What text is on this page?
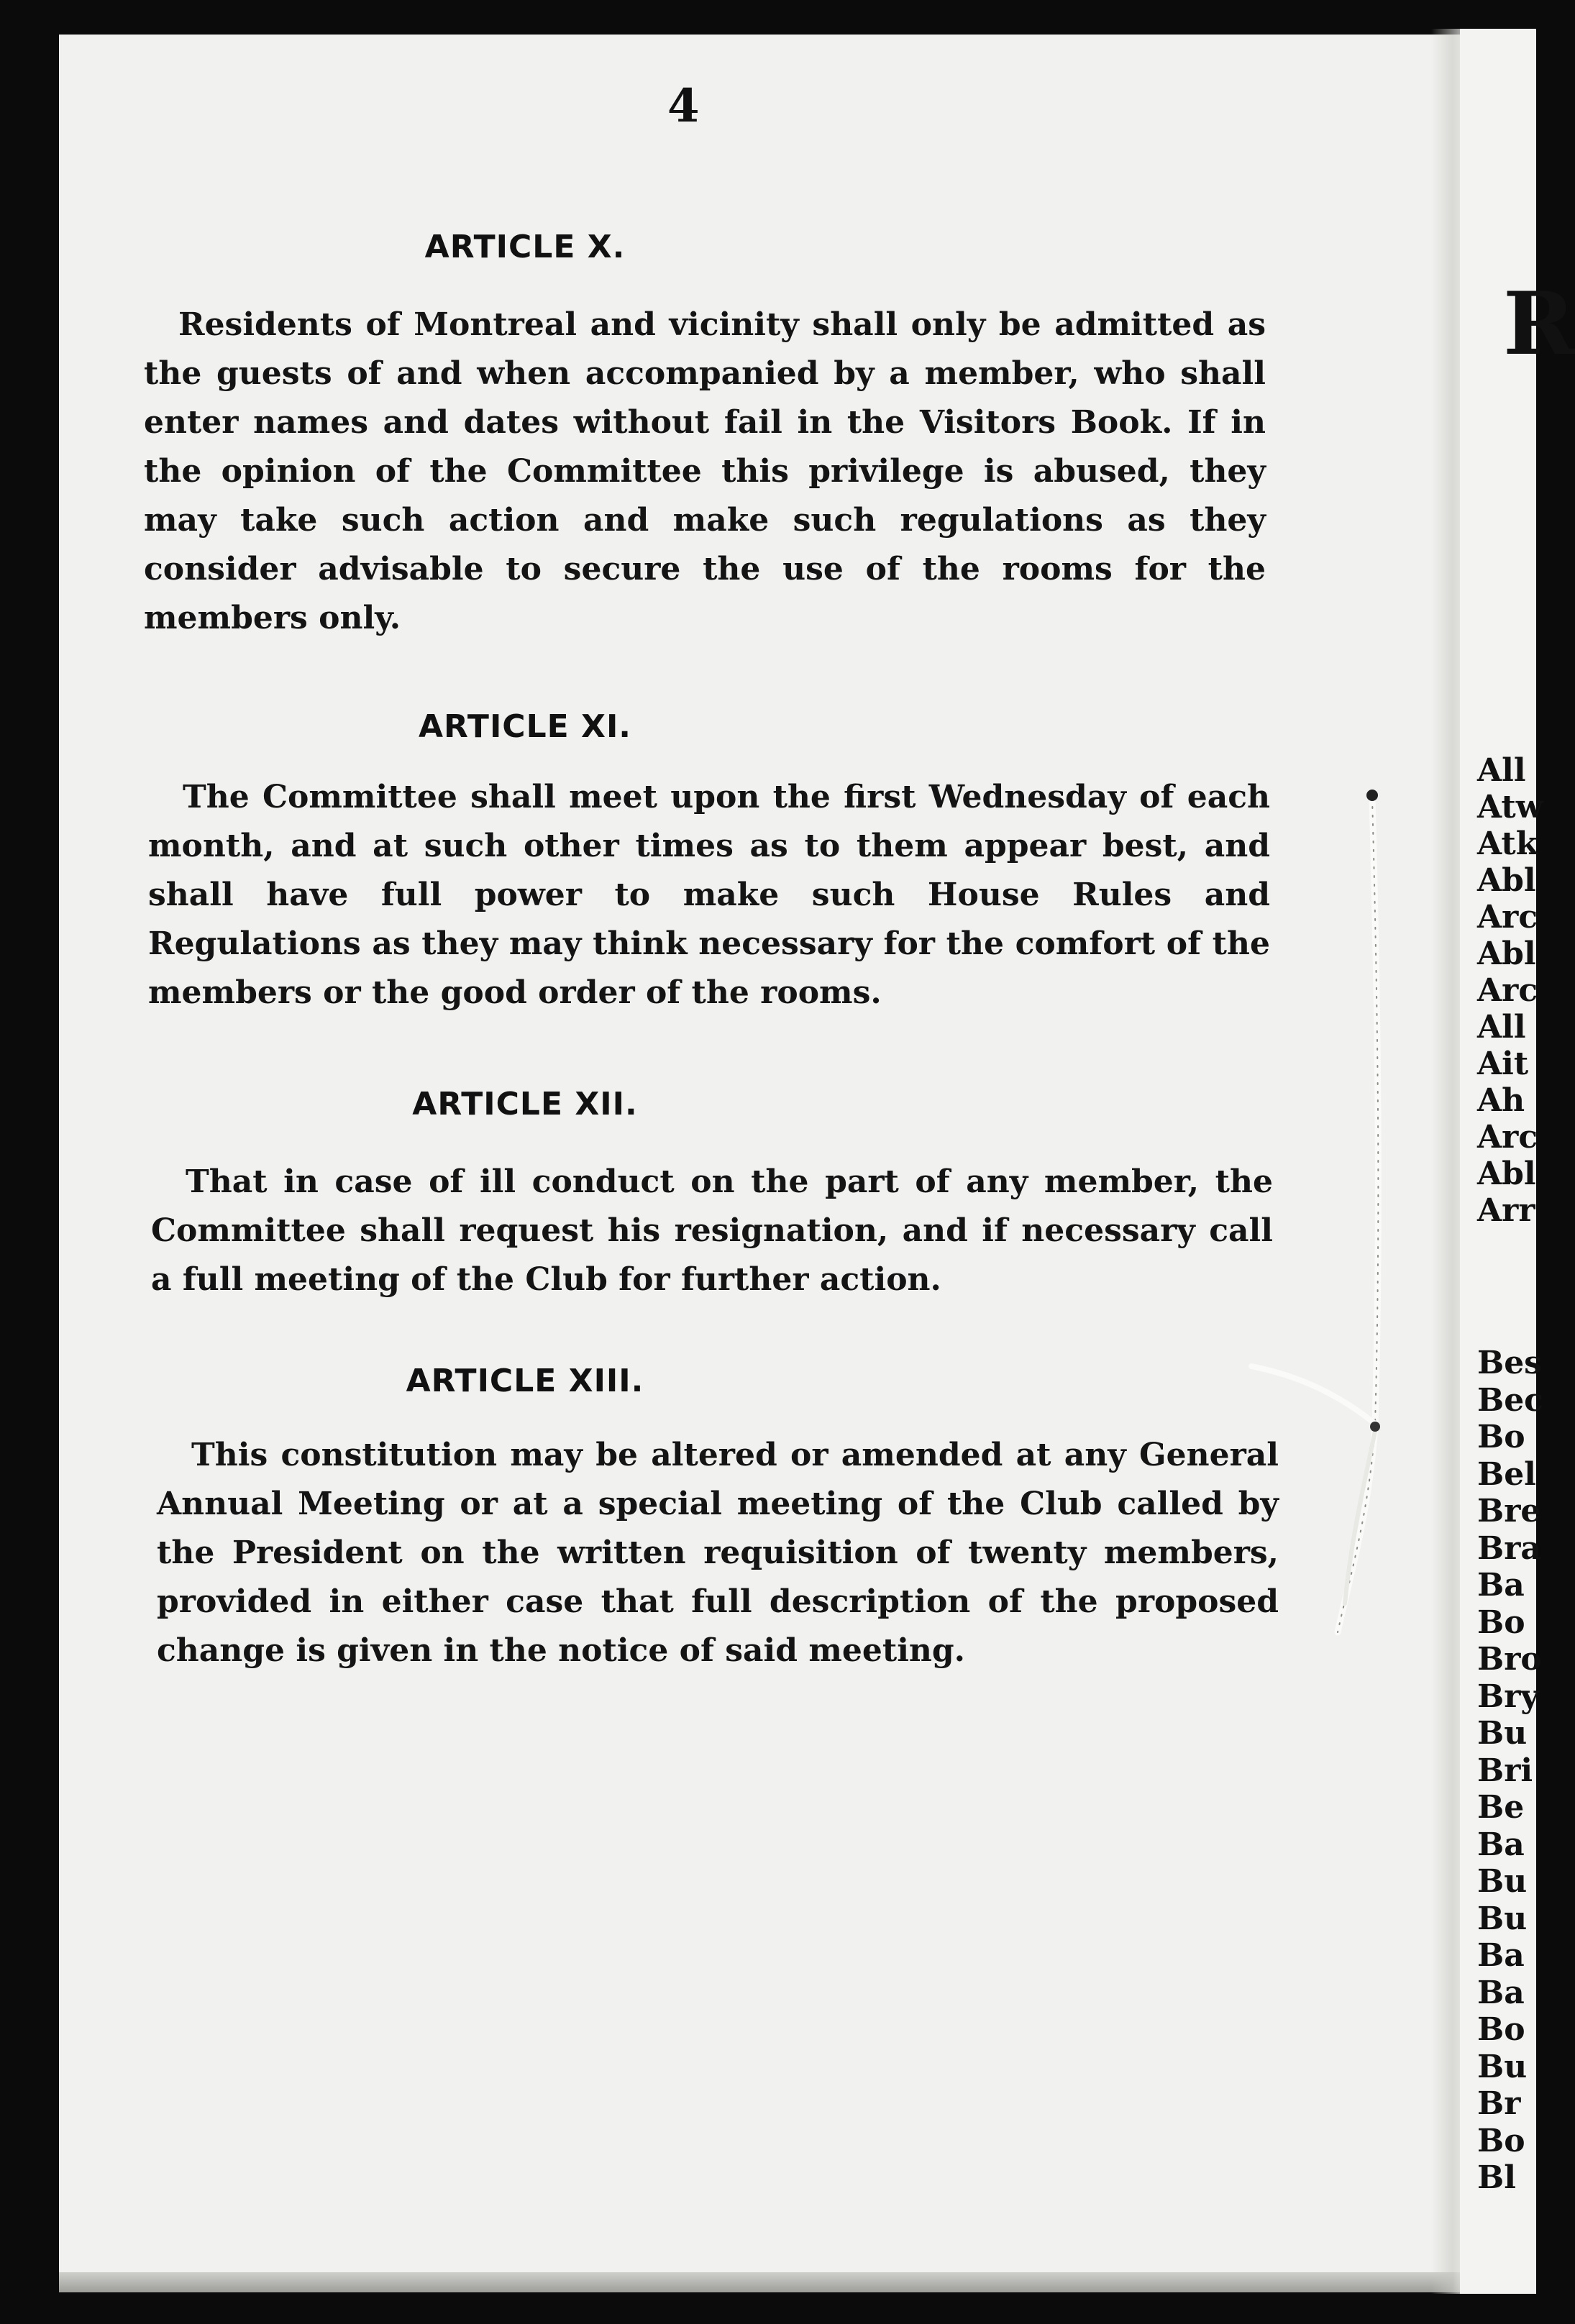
4
ARTICLE X.
Residents of Montreal and vicinity shall only be admitted as the guests of and when accompanied by a member, who shall enter names and dates without fail in the Visitors Book. If in the opinion of the Committee this privilege is abused, they may take such action and make such regulations as they consider advisable to secure the use of the rooms for the members only.
ARTICLE XI.
The Committee shall meet upon the first Wednesday of each month, and at such other times as to them appear best, and shall have full power to make such House Rules and Regulations as they may think necessary for the comfort of the members or the good order of the rooms.
ARTICLE XII.
That in case of ill conduct on the part of any member, the Committee shall request his resignation, and if necessary call a full meeting of the Club for further action.
ARTICLE XIII.
This constitution may be altered or amended at any General Annual Meeting or at a special meeting of the Club called by the President on the written requisition of twenty members, provided in either case that full description of the proposed change is given in the notice of said meeting.
R
All
Atw
Atk
Abl
Arc
Abl
Arc
All
Ait
Ah
Arc
Abl
Arr
Bes
Bec
Bo
Bel
Bre
Bra
Ba
Bo
Bro
Bry
Bu
Bri
Be
Ba
Bu
Bu
Ba
Ba
Bo
Bu
Br
Bo
Bl
